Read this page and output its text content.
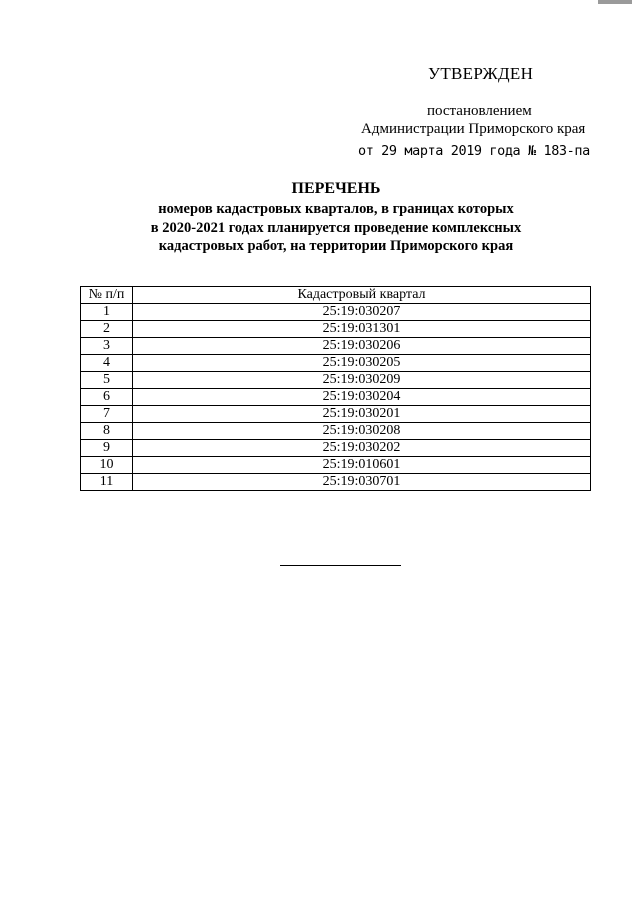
УТВЕРЖДЕН
постановлением
Администрации Приморского края
от 29 марта 2019 года № 183-па
ПЕРЕЧЕНЬ
номеров кадастровых кварталов, в границах которых
в 2020-2021 годах планируется проведение комплексных
кадастровых работ, на территории Приморского края
№ п/п	Кадастровый квартал
1	25:19:030207
2	25:19:031301
3	25:19:030206
4	25:19:030205
5	25:19:030209
6	25:19:030204
7	25:19:030201
8	25:19:030208
9	25:19:030202
10	25:19:010601
11	25:19:030701
